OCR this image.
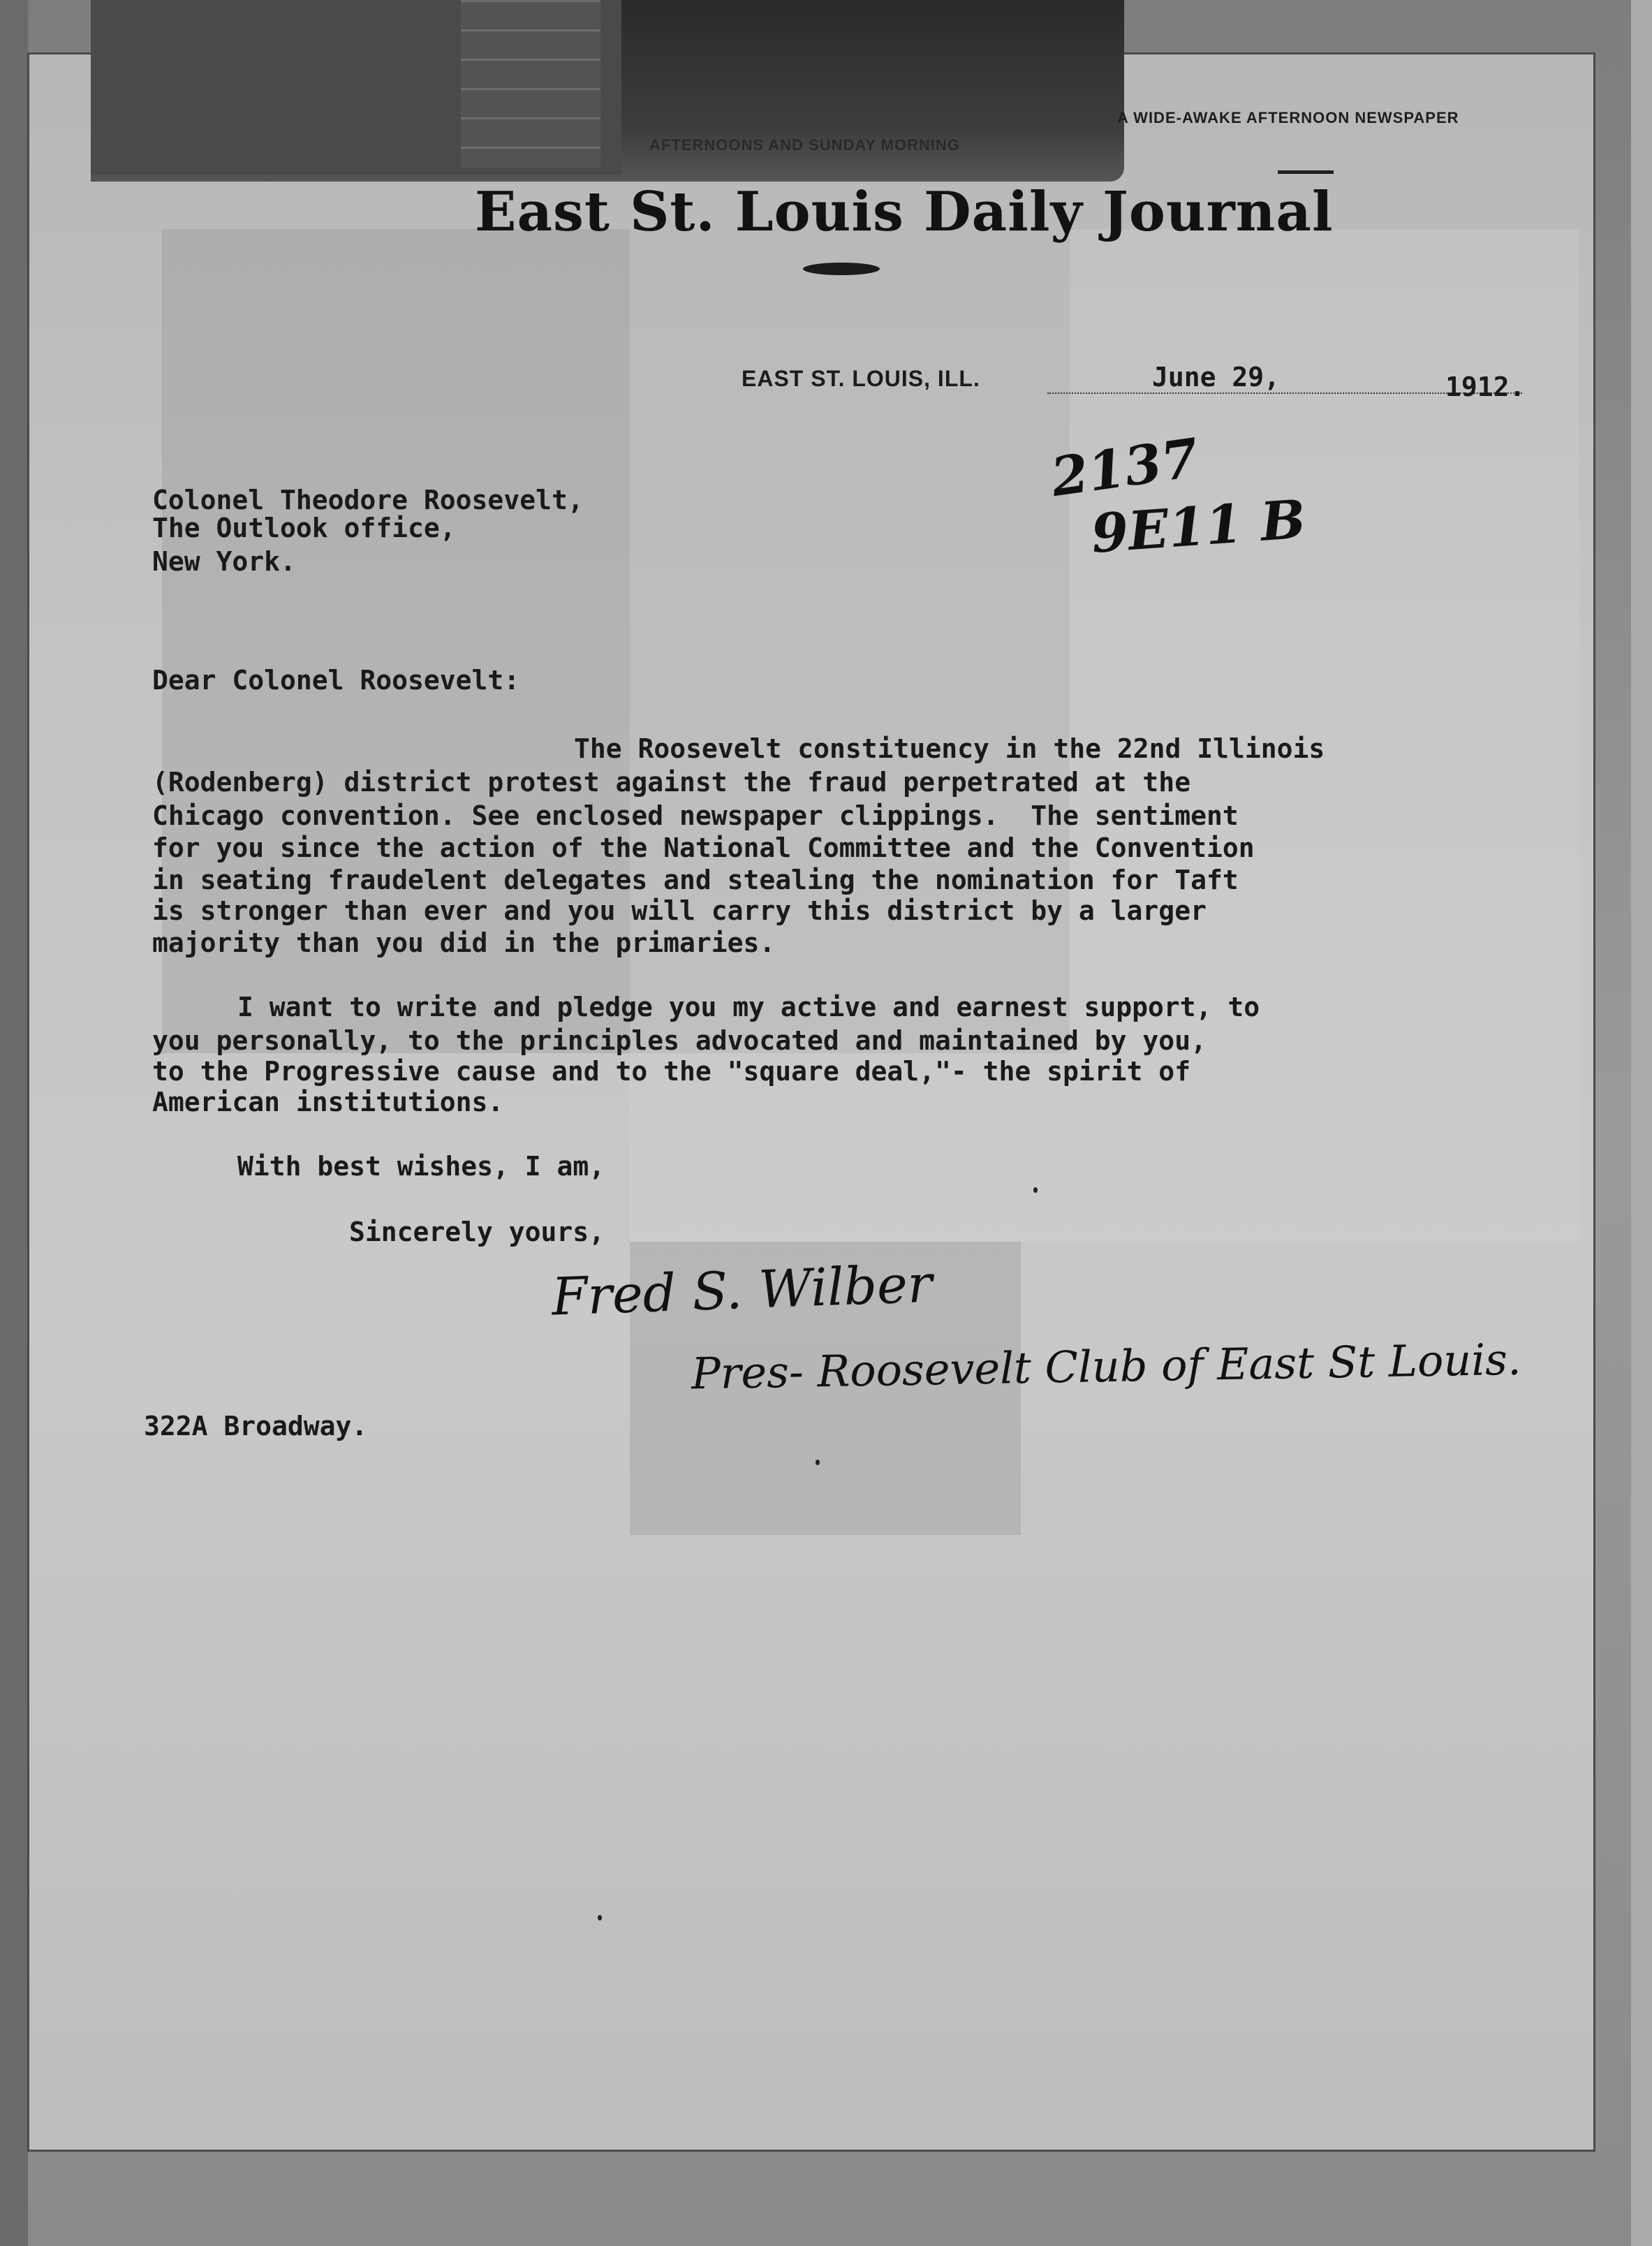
A WIDE-AWAKE AFTERNOON NEWSPAPER
AFTERNOONS AND SUNDAY MORNING
East St. Louis Daily Journal
EAST ST. LOUIS, ILL.	June 29,	1912.
2137
9E11 B
Colonel Theodore Roosevelt,
The Outlook office,
New York.
Dear Colonel Roosevelt:
The Roosevelt constituency in the 22nd Illinois
(Rodenberg) district protest against the fraud perpetrated at the
Chicago convention. See enclosed newspaper clippings.  The sentiment
for you since the action of the National Committee and the Convention
in seating fraudelent delegates and stealing the nomination for Taft
is stronger than ever and you will carry this district by a larger
majority than you did in the primaries.
I want to write and pledge you my active and earnest support, to
you personally, to the principles advocated and maintained by you,
to the Progressive cause and to the "square deal,"- the spirit of
American institutions.
With best wishes, I am,
Sincerely yours,
Fred S. Wilber
Pres- Roosevelt Club of East St Louis.
322A Broadway.
